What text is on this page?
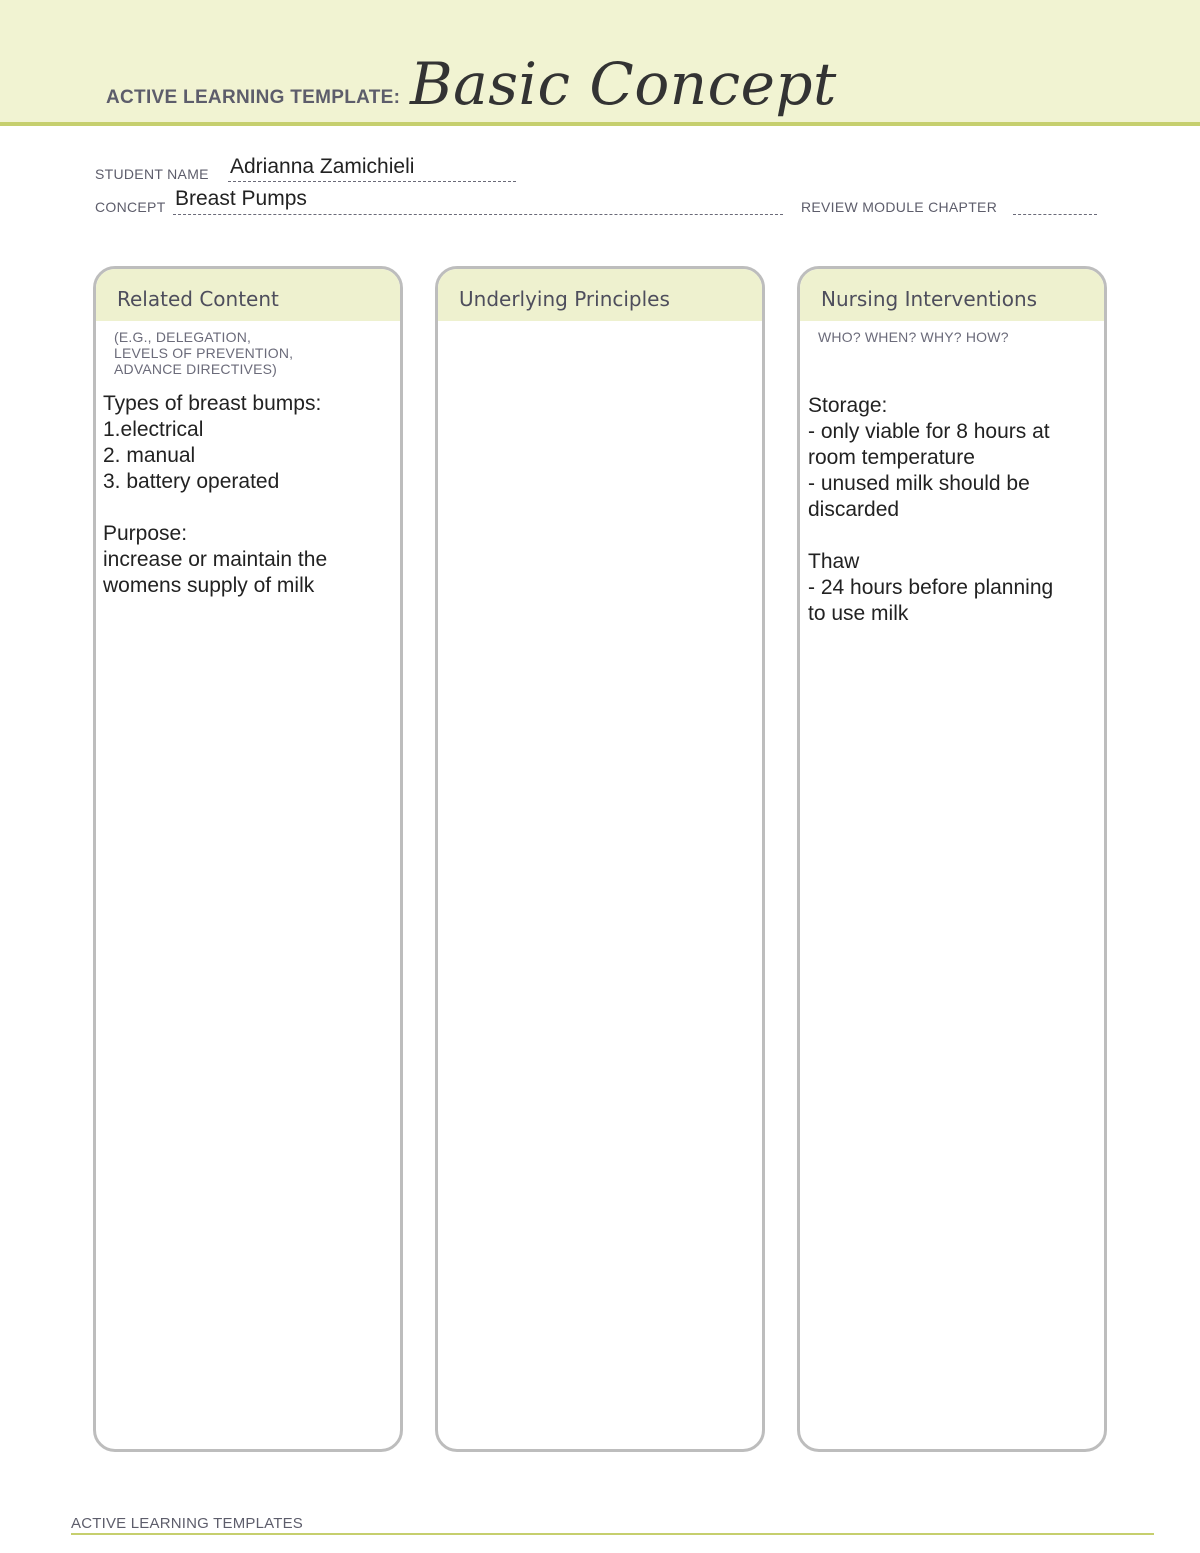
ACTIVE LEARNING TEMPLATE: Basic Concept
STUDENT NAME Adrianna Zamichieli
CONCEPT Breast Pumps	REVIEW MODULE CHAPTER
Related Content
(E.G., DELEGATION,
LEVELS OF PREVENTION,
ADVANCE DIRECTIVES)
Types of breast bumps:
1.electrical
2. manual
3. battery operated

Purpose:
increase or maintain the
womens supply of milk
Underlying Principles	Nursing Interventions
WHO? WHEN? WHY? HOW?
Storage:
- only viable for 8 hours at
room temperature
- unused milk should be
discarded

Thaw
- 24 hours before planning
to use milk
ACTIVE LEARNING TEMPLATES
